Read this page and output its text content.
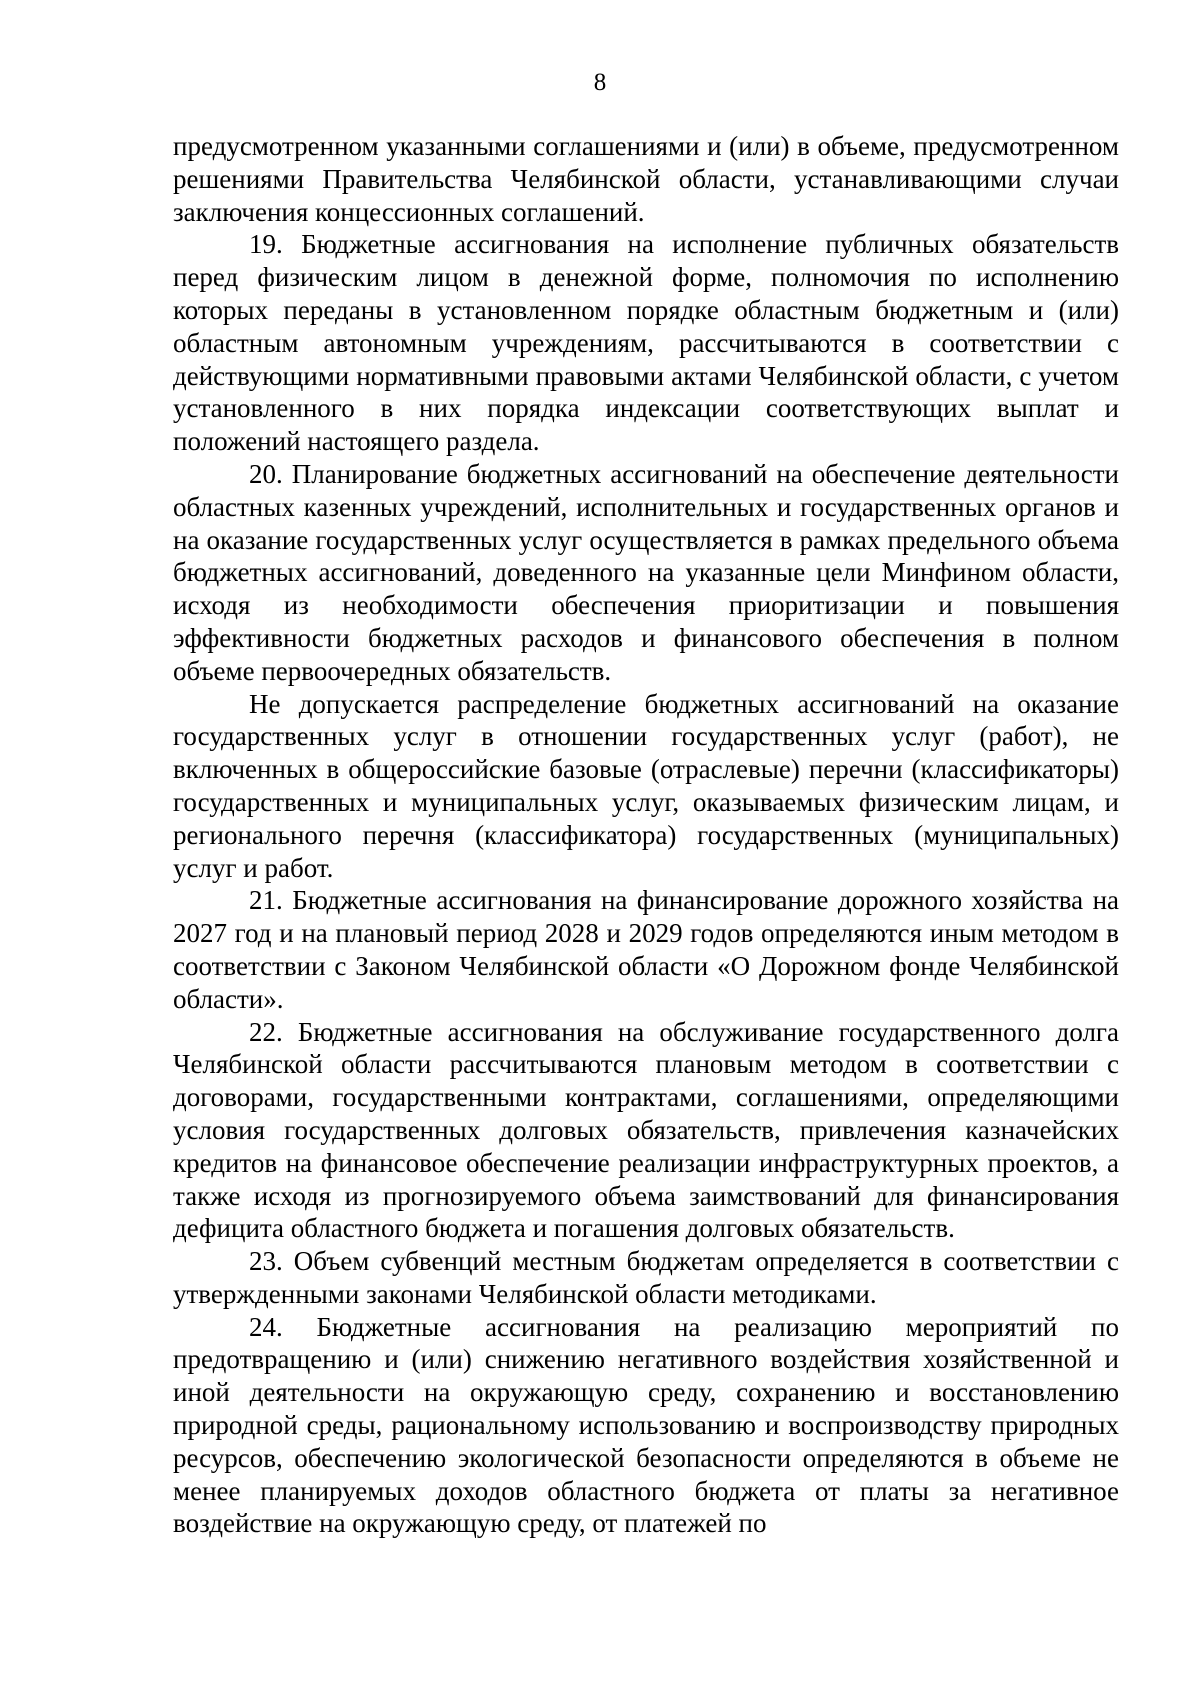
8

предусмотренном указанными соглашениями и (или) в объеме, предусмотренном решениями Правительства Челябинской области, устанавливающими случаи заключения концессионных соглашений.

19. Бюджетные ассигнования на исполнение публичных обязательств перед физическим лицом в денежной форме, полномочия по исполнению которых переданы в установленном порядке областным бюджетным и (или) областным автономным учреждениям, рассчитываются в соответствии с действующими нормативными правовыми актами Челябинской области, с учетом установленного в них порядка индексации соответствующих выплат и положений настоящего раздела.

20. Планирование бюджетных ассигнований на обеспечение деятельности областных казенных учреждений, исполнительных и государственных органов и на оказание государственных услуг осуществляется в рамках предельного объема бюджетных ассигнований, доведенного на указанные цели Минфином области, исходя из необходимости обеспечения приоритизации и повышения эффективности бюджетных расходов и финансового обеспечения в полном объеме первоочередных обязательств.

Не допускается распределение бюджетных ассигнований на оказание государственных услуг в отношении государственных услуг (работ), не включенных в общероссийские базовые (отраслевые) перечни (классификаторы) государственных и муниципальных услуг, оказываемых физическим лицам, и регионального перечня (классификатора) государственных (муниципальных) услуг и работ.

21. Бюджетные ассигнования на финансирование дорожного хозяйства на 2027 год и на плановый период 2028 и 2029 годов определяются иным методом в соответствии с Законом Челябинской области «О Дорожном фонде Челябинской области».

22. Бюджетные ассигнования на обслуживание государственного долга Челябинской области рассчитываются плановым методом в соответствии с договорами, государственными контрактами, соглашениями, определяющими условия государственных долговых обязательств, привлечения казначейских кредитов на финансовое обеспечение реализации инфраструктурных проектов, а также исходя из прогнозируемого объема заимствований для финансирования дефицита областного бюджета и погашения долговых обязательств.

23. Объем субвенций местным бюджетам определяется в соответствии с утвержденными законами Челябинской области методиками.

24. Бюджетные ассигнования на реализацию мероприятий по предотвращению и (или) снижению негативного воздействия хозяйственной и иной деятельности на окружающую среду, сохранению и восстановлению природной среды, рациональному использованию и воспроизводству природных ресурсов, обеспечению экологической безопасности определяются в объеме не менее планируемых доходов областного бюджета от платы за негативное воздействие на окружающую среду, от платежей по
